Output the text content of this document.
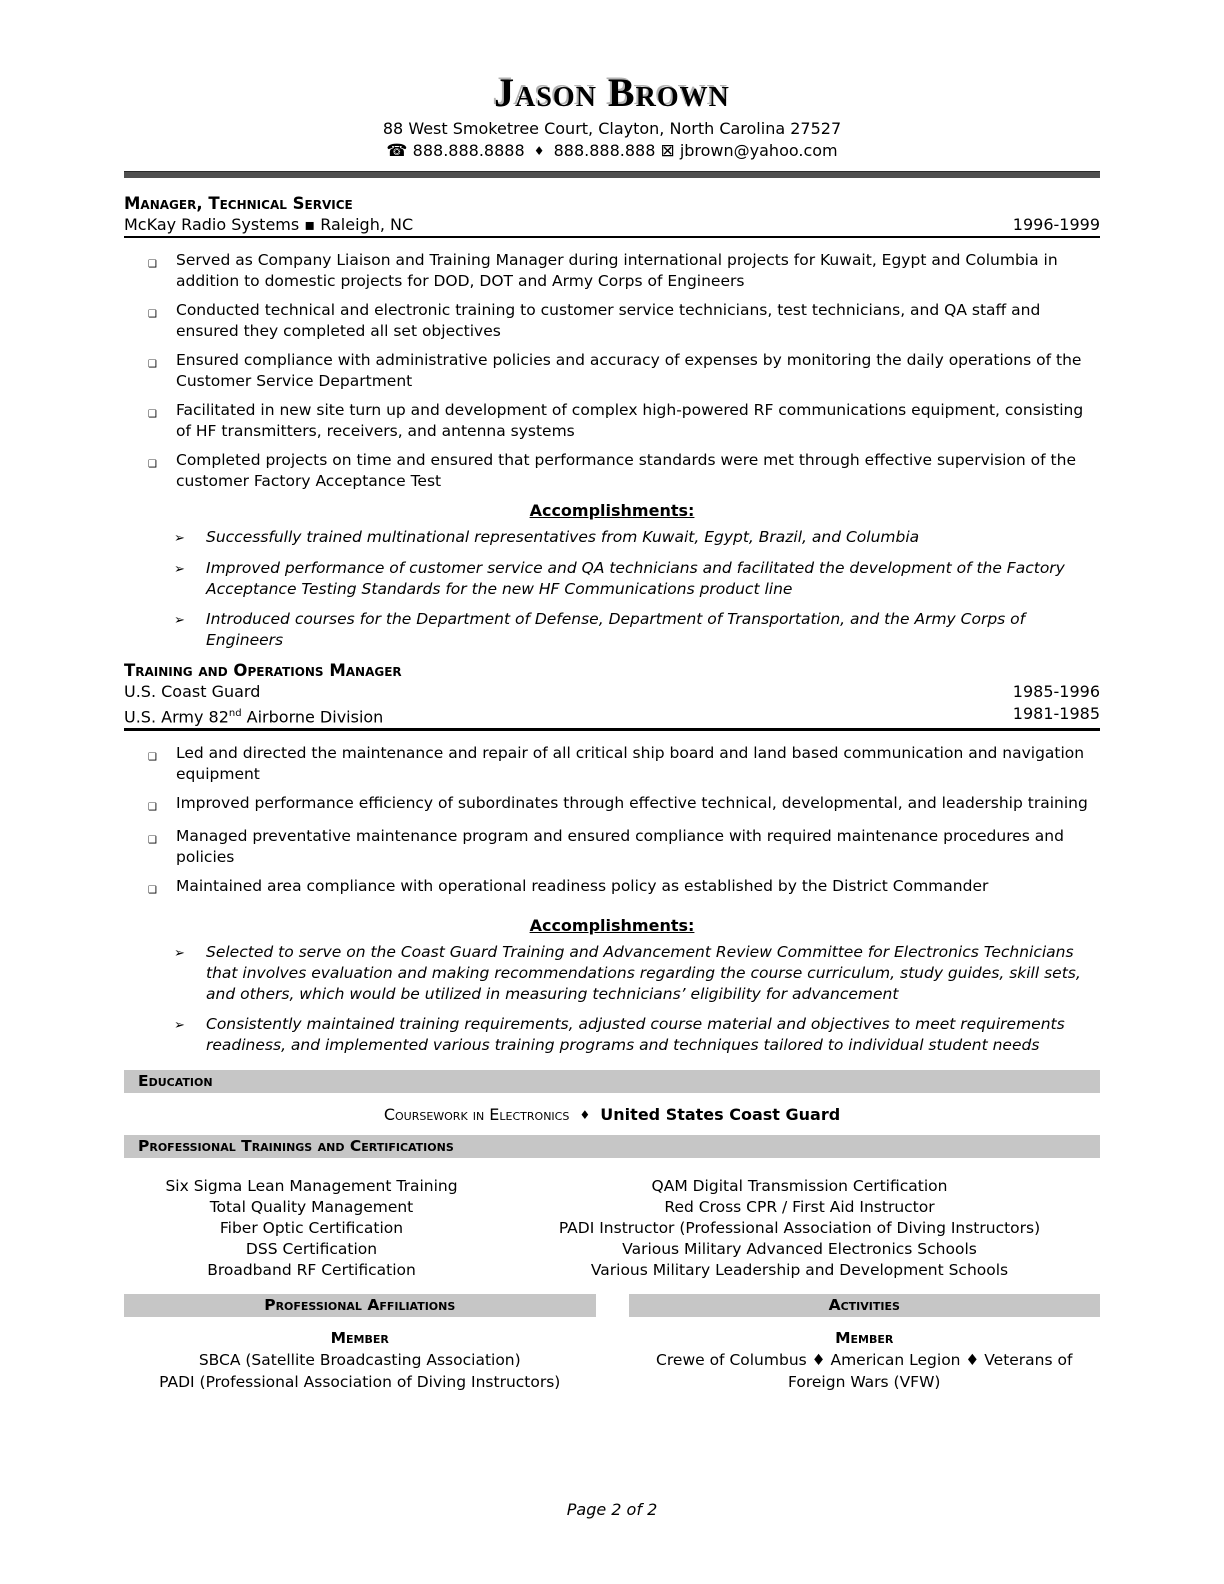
Jason Brown
88 West Smoketree Court, Clayton, North Carolina 27527
☎ 888.888.8888 ♦ 888.888.888 ⊠ jbrown@yahoo.com
Manager, Technical Service
McKay Radio Systems ▪ Raleigh, NC	1996-1999
❑	Served as Company Liaison and Training Manager during international projects for Kuwait, Egypt and Columbia in addition to domestic projects for DOD, DOT and Army Corps of Engineers
❑	Conducted technical and electronic training to customer service technicians, test technicians, and QA staff and ensured they completed all set objectives
❑	Ensured compliance with administrative policies and accuracy of expenses by monitoring the daily operations of the Customer Service Department
❑	Facilitated in new site turn up and development of complex high-powered RF communications equipment, consisting of HF transmitters, receivers, and antenna systems
❑	Completed projects on time and ensured that performance standards were met through effective supervision of the customer Factory Acceptance Test
Accomplishments:
➢	Successfully trained multinational representatives from Kuwait, Egypt, Brazil, and Columbia
➢	Improved performance of customer service and QA technicians and facilitated the development of the Factory Acceptance Testing Standards for the new HF Communications product line
➢	Introduced courses for the Department of Defense, Department of Transportation, and the Army Corps of Engineers
Training and Operations Manager
U.S. Coast Guard	1985-1996
U.S. Army 82nd Airborne Division	1981-1985
❑	Led and directed the maintenance and repair of all critical ship board and land based communication and navigation equipment
❑	Improved performance efficiency of subordinates through effective technical, developmental, and leadership training
❑	Managed preventative maintenance program and ensured compliance with required maintenance procedures and policies
❑	Maintained area compliance with operational readiness policy as established by the District Commander
Accomplishments:
➢	Selected to serve on the Coast Guard Training and Advancement Review Committee for Electronics Technicians that involves evaluation and making recommendations regarding the course curriculum, study guides, skill sets, and others, which would be utilized in measuring technicians’ eligibility for advancement
➢	Consistently maintained training requirements, adjusted course material and objectives to meet requirements readiness, and implemented various training programs and techniques tailored to individual student needs
Education
Coursework in Electronics ♦ United States Coast Guard
Professional Trainings and Certifications
Six Sigma Lean Management Training
Total Quality Management
Fiber Optic Certification
DSS Certification
Broadband RF Certification
QAM Digital Transmission Certification
Red Cross CPR / First Aid Instructor
PADI Instructor (Professional Association of Diving Instructors)
Various Military Advanced Electronics Schools
Various Military Leadership and Development Schools
Professional Affiliations	Activities
Member
SBCA (Satellite Broadcasting Association)
PADI (Professional Association of Diving Instructors)
Member
Crewe of Columbus ♦ American Legion ♦ Veterans of Foreign Wars (VFW)
Page 2 of 2
